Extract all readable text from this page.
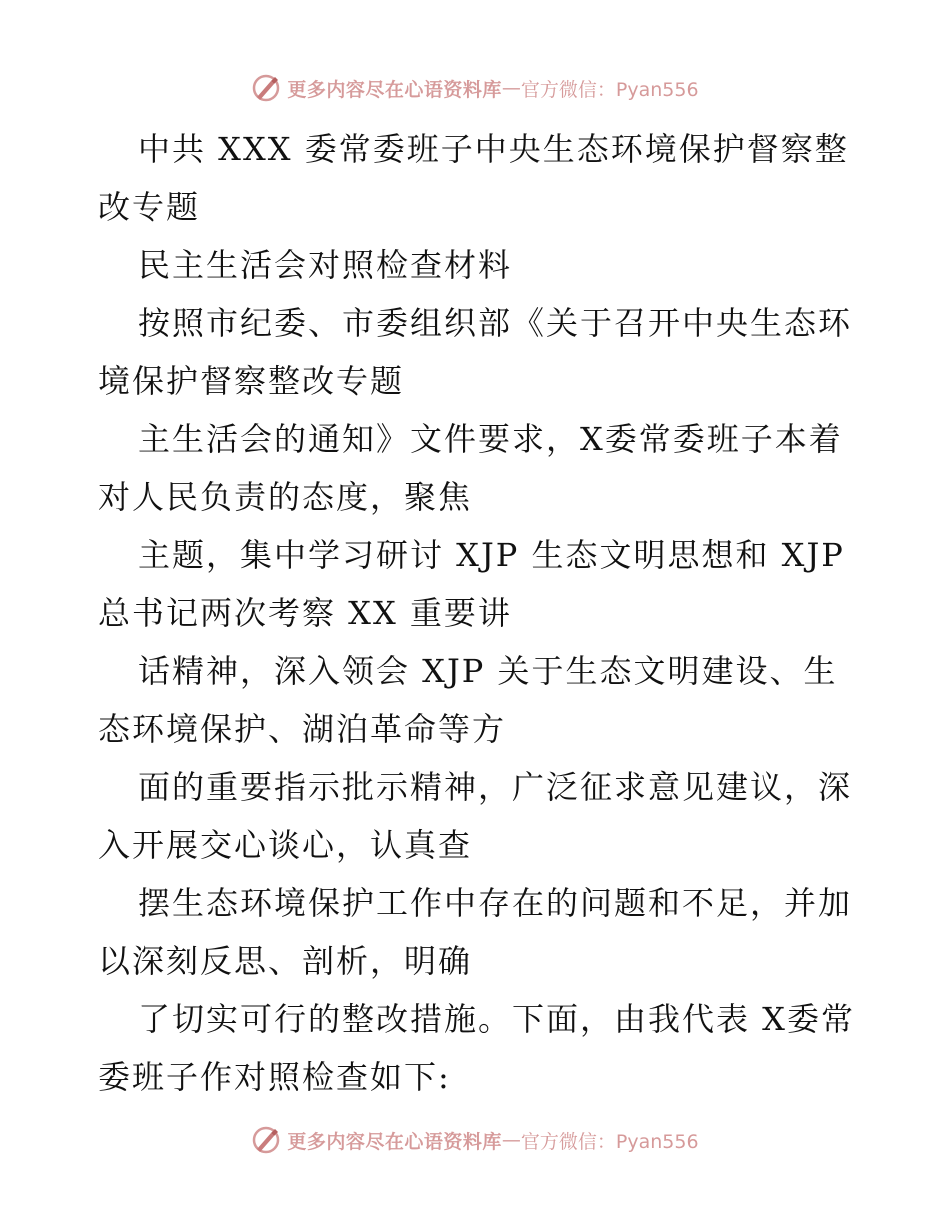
更多内容尽在心语资料库 — 官方微信：Pyan556

中共 XXX 委常委班子中央生态环境保护督察整改专题

民主生活会对照检查材料

按照市纪委、市委组织部《关于召开中央生态环境保护督察整改专题

主生活会的通知》文件要求，X委常委班子本着对人民负责的态度，聚焦

主题，集中学习研讨 XJP 生态文明思想和 XJP 总书记两次考察 XX 重要讲

话精神，深入领会 XJP 关于生态文明建设、生态环境保护、湖泊革命等方

面的重要指示批示精神，广泛征求意见建议，深入开展交心谈心，认真查

摆生态环境保护工作中存在的问题和不足，并加以深刻反思、剖析，明确

了切实可行的整改措施。下面，由我代表 X委常委班子作对照检查如下:

更多内容尽在心语资料库 — 官方微信：Pyan556
